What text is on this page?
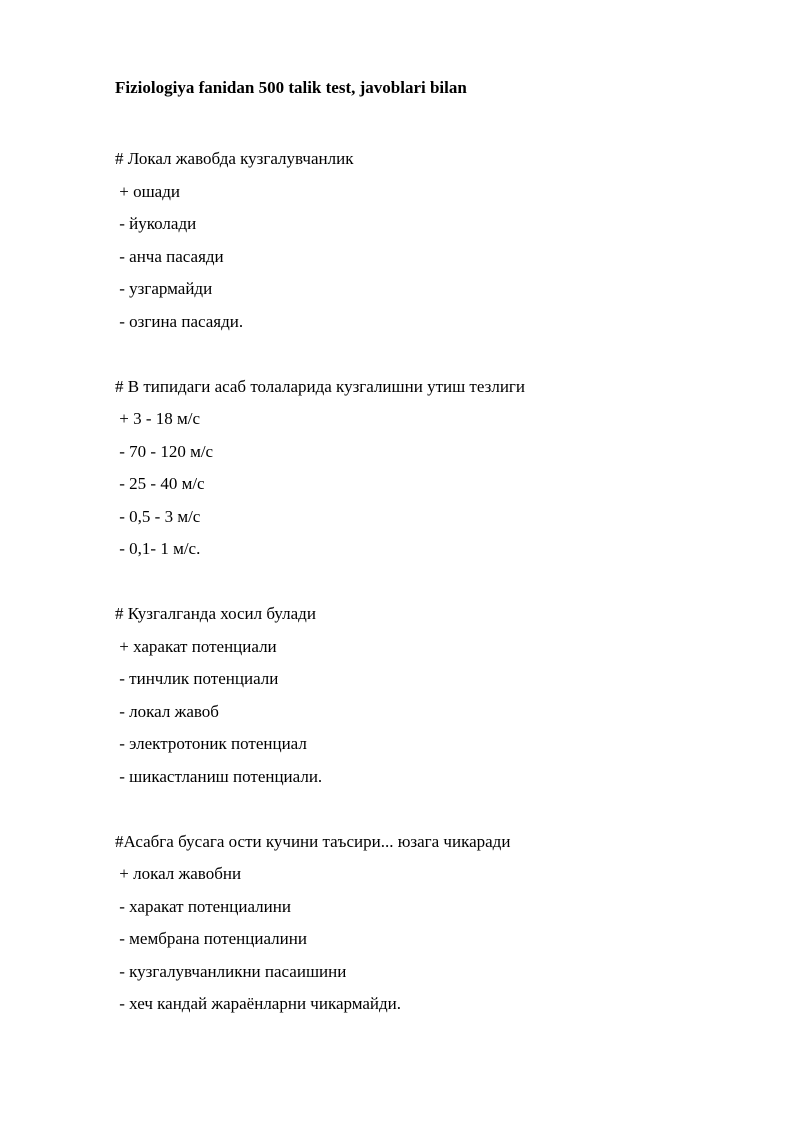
Fiziologiya fanidan 500 talik test, javoblari bilan
# Локал жавобда кузгалувчанлик
+ ошади
- йуколади
- анча пасаяди
- узгармайди
- озгина пасаяди.
# В типидаги асаб толаларида кузгалишни утиш тезлиги
+ 3 - 18 м/с
- 70 - 120 м/с
- 25 - 40 м/с
- 0,5 - 3 м/с
- 0,1- 1 м/с.
# Кузгалганда хосил булади
+ харакат потенциали
- тинчлик потенциали
- локал жавоб
- электротоник потенциал
- шикастланиш потенциали.
#Асабга бусага ости кучини таъсири... юзага чикаради
+ локал жавобни
- харакат потенциалини
- мембрана потенциалини
- кузгалувчанликни пасаишини
- хеч кандай жараёнларни чикармайди.
